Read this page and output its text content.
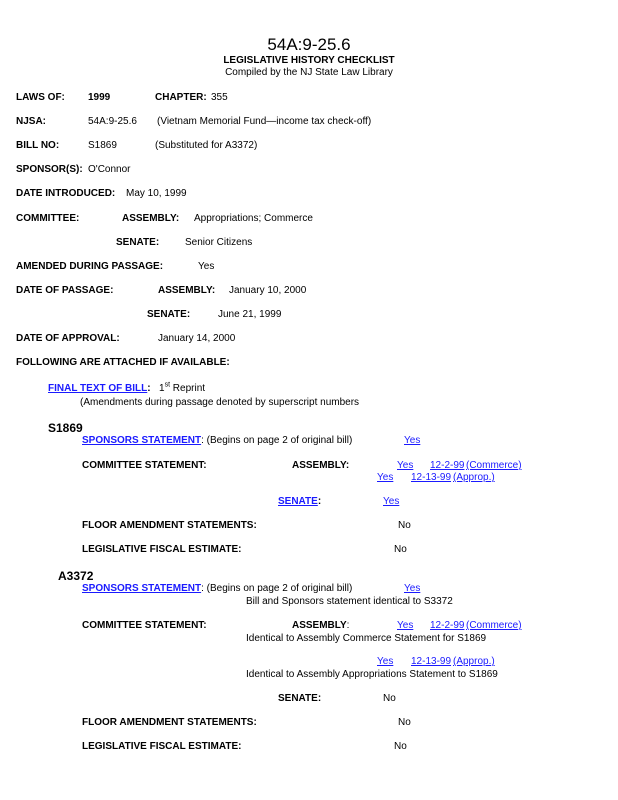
54A:9-25.6
LEGISLATIVE HISTORY CHECKLIST
Compiled by the NJ State Law Library
LAWS OF: 1999	CHAPTER: 355
NJSA:	54A:9-25.6 (Vietnam Memorial Fund—income tax check-off)
BILL NO:	S1869	(Substituted for A3372)
SPONSOR(S): O'Connor
DATE INTRODUCED: May 10, 1999
COMMITTEE:	ASSEMBLY: Appropriations; Commerce
SENATE:	Senior Citizens
AMENDED DURING PASSAGE:	Yes
DATE OF PASSAGE:	ASSEMBLY: January 10, 2000
SENATE:	June 21, 1999
DATE OF APPROVAL:	January 14, 2000
FOLLOWING ARE ATTACHED IF AVAILABLE:
FINAL TEXT OF BILL: 1st Reprint
(Amendments during passage denoted by superscript numbers
S1869
SPONSORS STATEMENT: (Begins on page 2 of original bill)	Yes
COMMITTEE STATEMENT:	ASSEMBLY:	Yes 12-2-99 (Commerce)
Yes 12-13-99 (Approp.)
SENATE:	Yes
FLOOR AMENDMENT STATEMENTS:	No
LEGISLATIVE FISCAL ESTIMATE:	No
A3372
SPONSORS STATEMENT: (Begins on page 2 of original bill)	Yes
Bill and Sponsors statement identical to S3372
COMMITTEE STATEMENT:	ASSEMBLY:	Yes 12-2-99 (Commerce)
Identical to Assembly Commerce Statement for S1869
Yes 12-13-99 (Approp.)
Identical to Assembly Appropriations Statement to S1869
SENATE:	No
FLOOR AMENDMENT STATEMENTS:	No
LEGISLATIVE FISCAL ESTIMATE:	No
